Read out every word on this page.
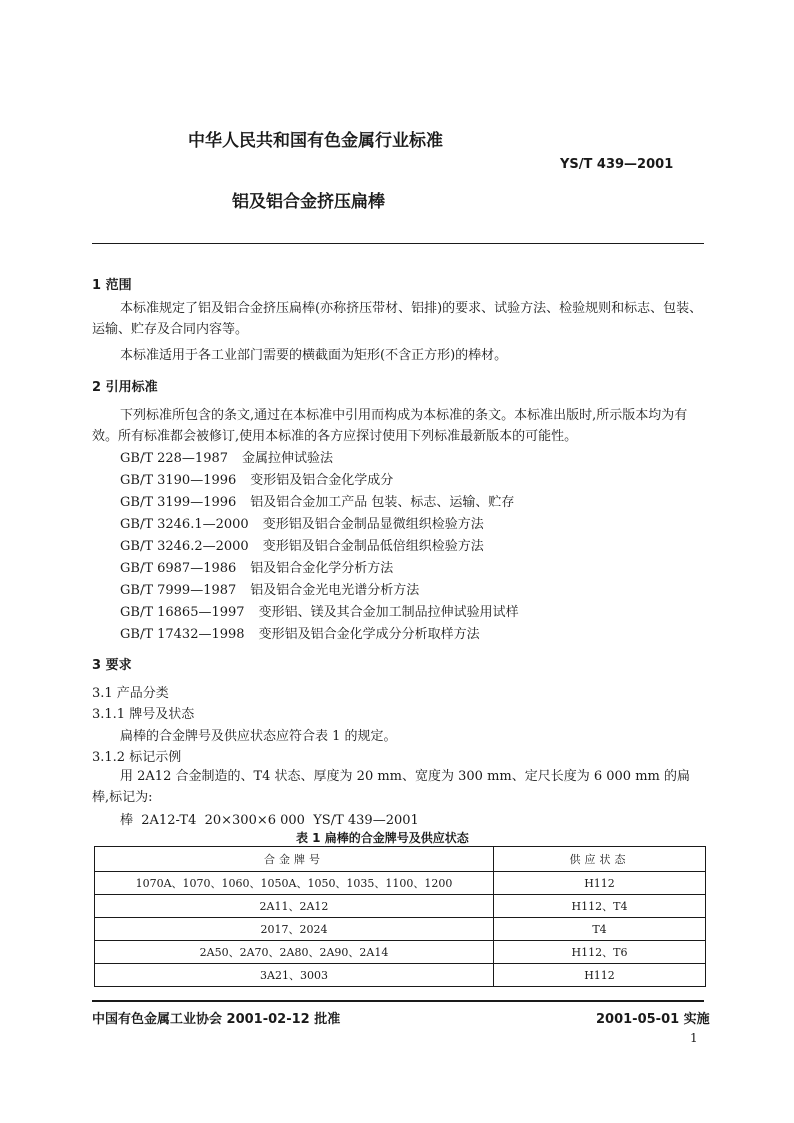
中华人民共和国有色金属行业标准
YS/T 439—2001
铝及铝合金挤压扁棒
1 范围
本标准规定了铝及铝合金挤压扁棒(亦称挤压带材、铝排)的要求、试验方法、检验规则和标志、包装、运输、贮存及合同内容等。
本标准适用于各工业部门需要的横截面为矩形(不含正方形)的棒材。
2 引用标准
下列标准所包含的条文,通过在本标准中引用而构成为本标准的条文。本标准出版时,所示版本均为有效。所有标准都会被修订,使用本标准的各方应探讨使用下列标准最新版本的可能性。
GB/T 228—1987 金属拉伸试验法
GB/T 3190—1996 变形铝及铝合金化学成分
GB/T 3199—1996 铝及铝合金加工产品 包装、标志、运输、贮存
GB/T 3246.1—2000 变形铝及铝合金制品显微组织检验方法
GB/T 3246.2—2000 变形铝及铝合金制品低倍组织检验方法
GB/T 6987—1986 铝及铝合金化学分析方法
GB/T 7999—1987 铝及铝合金光电光谱分析方法
GB/T 16865—1997 变形铝、镁及其合金加工制品拉伸试验用试样
GB/T 17432—1998 变形铝及铝合金化学成分分析取样方法
3 要求
3.1 产品分类
3.1.1 牌号及状态
扁棒的合金牌号及供应状态应符合表 1 的规定。
3.1.2 标记示例
用 2A12 合金制造的、T4 状态、厚度为 20 mm、宽度为 300 mm、定尺长度为 6 000 mm 的扁棒,标记为:
棒  2A12-T4  20×300×6 000  YS/T 439—2001
表 1 扁棒的合金牌号及供应状态
合金牌号	供应状态
1070A、1070、1060、1050A、1050、1035、1100、1200	H112
2A11、2A12	H112、T4
2017、2024	T4
2A50、2A70、2A80、2A90、2A14	H112、T6
3A21、3003	H112
中国有色金属工业协会 2001-02-12 批准	2001-05-01 实施
1
